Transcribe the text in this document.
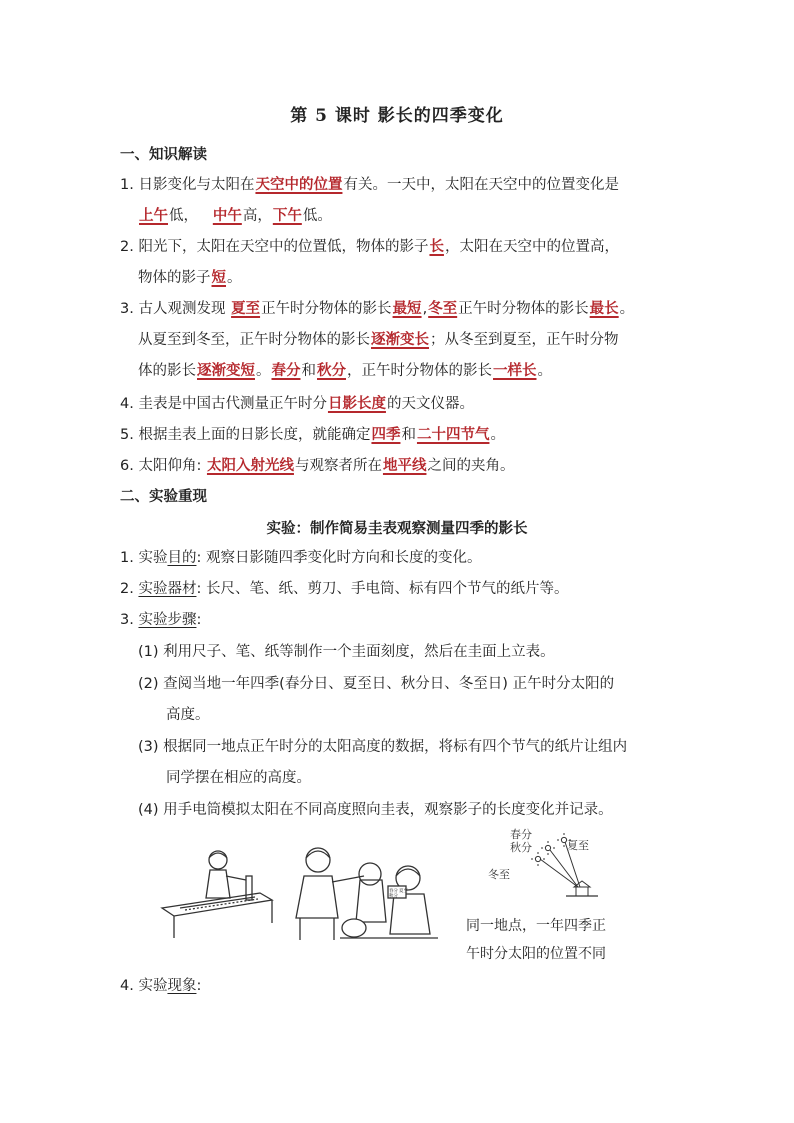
第 5 课时 影长的四季变化
一、知识解读
1. 日影变化与太阳在天空中的位置有关。一天中，太阳在天空中的位置变化是
上午低，   中午高，下午低。
2. 阳光下，太阳在天空中的位置低，物体的影子长，太阳在天空中的位置高，
物体的影子短。
3. 古人观测发现 夏至正午时分物体的影长最短,冬至正午时分物体的影长最长。
从夏至到冬至，正午时分物体的影长逐渐变长；从冬至到夏至，正午时分物
体的影长逐渐变短。春分和秋分，正午时分物体的影长一样长。
4. 圭表是中国古代测量正午时分日影长度的天文仪器。
5. 根据圭表上面的日影长度，就能确定四季和二十四节气。
6. 太阳仰角: 太阳入射光线与观察者所在地平线之间的夹角。
二、实验重现
实验：制作简易圭表观察测量四季的影长
1. 实验目的: 观察日影随四季变化时方向和长度的变化。
2. 实验器材: 长尺、笔、纸、剪刀、手电筒、标有四个节气的纸片等。
3. 实验步骤:
(1) 利用尺子、笔、纸等制作一个圭面刻度，然后在圭面上立表。
(2) 查阅当地一年四季(春分日、夏至日、秋分日、冬至日) 正午时分太阳的
高度。
(3) 根据同一地点正午时分的太阳高度的数据，将标有四个节气的纸片让组内
同学摆在相应的高度。
(4) 用手电筒模拟太阳在不同高度照向圭表，观察影子的长度变化并记录。
春分
秋分
夏至
春分
秋分	夏至
冬至
同一地点，一年四季正
午时分太阳的位置不同
4. 实验现象:
